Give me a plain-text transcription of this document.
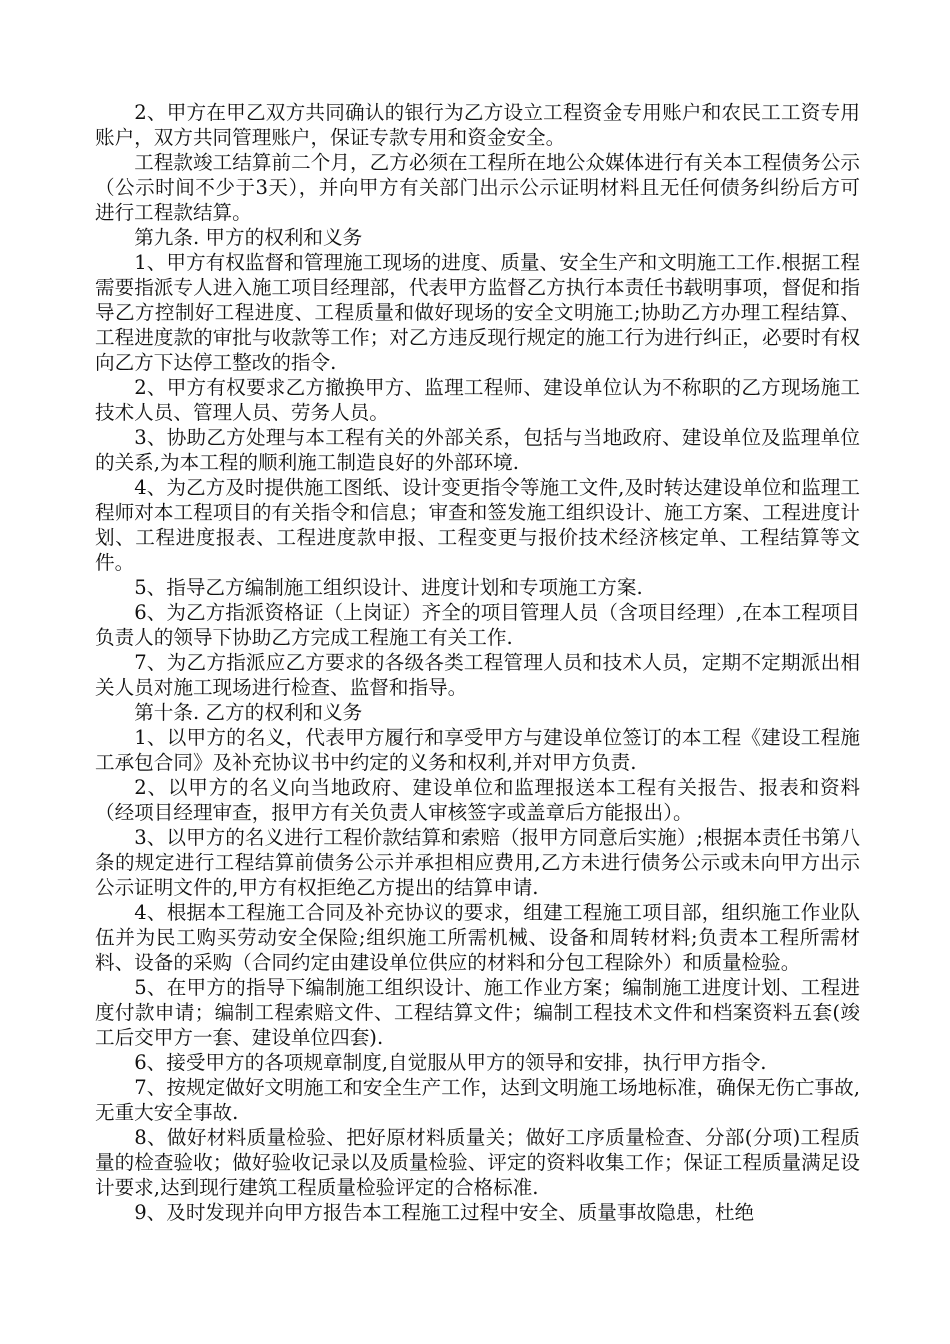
2、甲方在甲乙双方共同确认的银行为乙方设立工程资金专用账户和农民工工资专用账户，双方共同管理账户，保证专款专用和资金安全。

工程款竣工结算前二个月，乙方必须在工程所在地公众媒体进行有关本工程债务公示（公示时间不少于3天），并向甲方有关部门出示公示证明材料且无任何债务纠纷后方可进行工程款结算。

第九条. 甲方的权利和义务

1、甲方有权监督和管理施工现场的进度、质量、安全生产和文明施工工作.根据工程需要指派专人进入施工项目经理部，代表甲方监督乙方执行本责任书载明事项，督促和指导乙方控制好工程进度、工程质量和做好现场的安全文明施工;协助乙方办理工程结算、工程进度款的审批与收款等工作；对乙方违反现行规定的施工行为进行纠正，必要时有权向乙方下达停工整改的指令.

2、甲方有权要求乙方撤换甲方、监理工程师、建设单位认为不称职的乙方现场施工技术人员、管理人员、劳务人员。

3、协助乙方处理与本工程有关的外部关系，包括与当地政府、建设单位及监理单位的关系,为本工程的顺利施工制造良好的外部环境.

4、为乙方及时提供施工图纸、设计变更指令等施工文件,及时转达建设单位和监理工程师对本工程项目的有关指令和信息；审查和签发施工组织设计、施工方案、工程进度计划、工程进度报表、工程进度款申报、工程变更与报价技术经济核定单、工程结算等文件。

5、指导乙方编制施工组织设计、进度计划和专项施工方案.

6、为乙方指派资格证（上岗证）齐全的项目管理人员（含项目经理）,在本工程项目负责人的领导下协助乙方完成工程施工有关工作.

7、为乙方指派应乙方要求的各级各类工程管理人员和技术人员，定期不定期派出相关人员对施工现场进行检查、监督和指导。

第十条. 乙方的权利和义务

1、以甲方的名义，代表甲方履行和享受甲方与建设单位签订的本工程《建设工程施工承包合同》及补充协议书中约定的义务和权利,并对甲方负责.

2、以甲方的名义向当地政府、建设单位和监理报送本工程有关报告、报表和资料（经项目经理审查，报甲方有关负责人审核签字或盖章后方能报出）。

3、以甲方的名义进行工程价款结算和索赔（报甲方同意后实施）;根据本责任书第八条的规定进行工程结算前债务公示并承担相应费用,乙方未进行债务公示或未向甲方出示公示证明文件的,甲方有权拒绝乙方提出的结算申请.

4、根据本工程施工合同及补充协议的要求，组建工程施工项目部，组织施工作业队伍并为民工购买劳动安全保险;组织施工所需机械、设备和周转材料;负责本工程所需材料、设备的采购（合同约定由建设单位供应的材料和分包工程除外）和质量检验。

5、在甲方的指导下编制施工组织设计、施工作业方案；编制施工进度计划、工程进度付款申请；编制工程索赔文件、工程结算文件；编制工程技术文件和档案资料五套(竣工后交甲方一套、建设单位四套).

6、接受甲方的各项规章制度,自觉服从甲方的领导和安排，执行甲方指令.

7、按规定做好文明施工和安全生产工作，达到文明施工场地标准，确保无伤亡事故,无重大安全事故.

8、做好材料质量检验、把好原材料质量关；做好工序质量检查、分部(分项)工程质量的检查验收；做好验收记录以及质量检验、评定的资料收集工作；保证工程质量满足设计要求,达到现行建筑工程质量检验评定的合格标准.

9、及时发现并向甲方报告本工程施工过程中安全、质量事故隐患，杜绝
